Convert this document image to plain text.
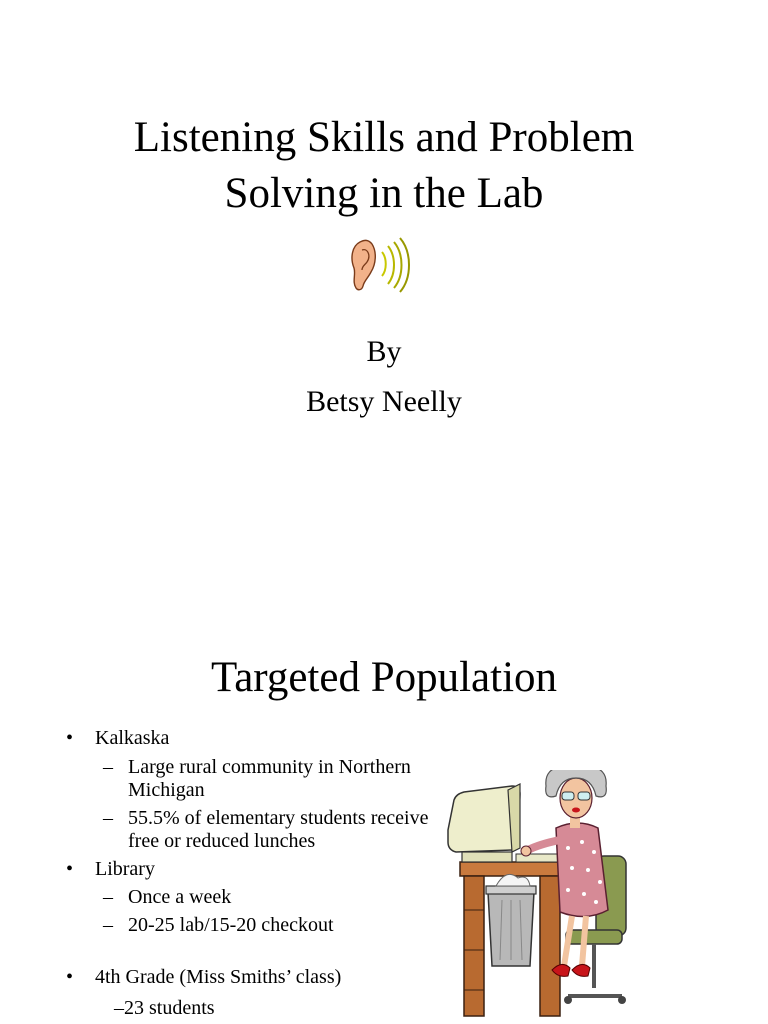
Listening Skills and Problem
Solving in the Lab
By
Betsy Neelly
Targeted Population
• Kalkaska
– Large rural community in Northern
Michigan
– 55.5% of elementary students receive
free or reduced lunches
• Library
– Once a week
– 20-25 lab/15-20 checkout
• 4th Grade (Miss Smiths’ class)
–23 students
